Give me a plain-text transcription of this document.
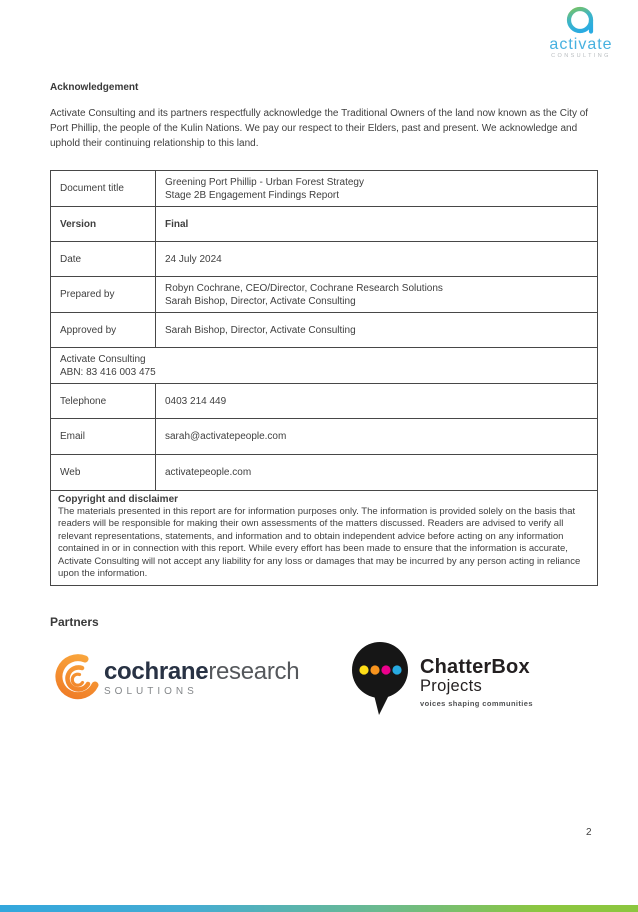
activate
CONSULTING
Acknowledgement

Activate Consulting and its partners respectfully acknowledge the Traditional Owners of the land now known as the City of Port Phillip, the people of the Kulin Nations. We pay our respect to their Elders, past and present. We acknowledge and uphold their continuing relationship to this land.

Document title	Greening Port Phillip - Urban Forest Strategy
Stage 2B Engagement Findings Report

Version	Final
Date	24 July 2024
Prepared by	Robyn Cochrane, CEO/Director, Cochrane Research Solutions
Sarah Bishop, Director, Activate Consulting

Approved by	Sarah Bishop, Director, Activate Consulting

Activate Consulting
ABN: 83 416 003 475	

Telephone	0403 214 449
Email	sarah@activatepeople.com
Web	activatepeople.com

Copyright and disclaimer
The materials presented in this report are for information purposes only. The information is provided solely on the basis that readers will be responsible for making their own assessments of the matters discussed. Readers are advised to verify all relevant representations, statements, and information and to obtain independent advice before acting on any information contained in or in connection with this report. While every effort has been made to ensure that the information is accurate, Activate Consulting will not accept any liability for any loss or damages that may be incurred by any person acting in reliance upon the information.	
Partners
cochraneresearch
SOLUTIONS
ChatterBox
Projects
voices shaping communities
2
